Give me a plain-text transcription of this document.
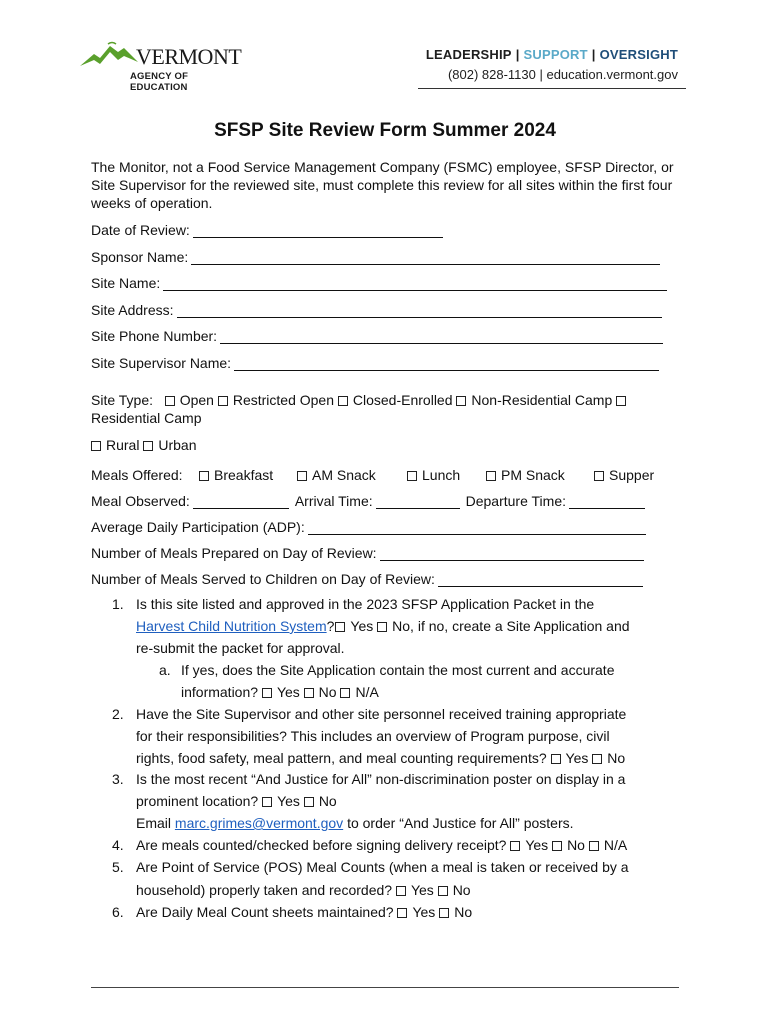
VERMONT
AGENCY OF EDUCATION
LEADERSHIP | SUPPORT | OVERSIGHT
(802) 828-1130 | education.vermont.gov
SFSP Site Review Form Summer 2024
The Monitor, not a Food Service Management Company (FSMC) employee, SFSP Director, or Site Supervisor for the reviewed site, must complete this review for all sites within the first four weeks of operation.
Date of Review:
Sponsor Name:
Site Name:
Site Address:
Site Phone Number:
Site Supervisor Name:
Site Type: Open Restricted Open Closed-Enrolled Non-Residential Camp
Residential Camp
Rural Urban
Meals Offered:	Breakfast	AM Snack	Lunch	PM Snack	Supper
Meal Observed:	Arrival Time:	Departure Time:
Average Daily Participation (ADP):
Number of Meals Prepared on Day of Review:
Number of Meals Served to Children on Day of Review:
1. Is this site listed and approved in the 2023 SFSP Application Packet in the
Harvest Child Nutrition System? Yes No, if no, create a Site Application and
re-submit the packet for approval.
a. If yes, does the Site Application contain the most current and accurate
information? Yes No N/A
2. Have the Site Supervisor and other site personnel received training appropriate
for their responsibilities? This includes an overview of Program purpose, civil
rights, food safety, meal pattern, and meal counting requirements? Yes No
3. Is the most recent “And Justice for All” non-discrimination poster on display in a
prominent location? Yes No
Email marc.grimes@vermont.gov to order “And Justice for All” posters.
4. Are meals counted/checked before signing delivery receipt? Yes No N/A
5. Are Point of Service (POS) Meal Counts (when a meal is taken or received by a
household) properly taken and recorded? Yes No
6. Are Daily Meal Count sheets maintained? Yes No
